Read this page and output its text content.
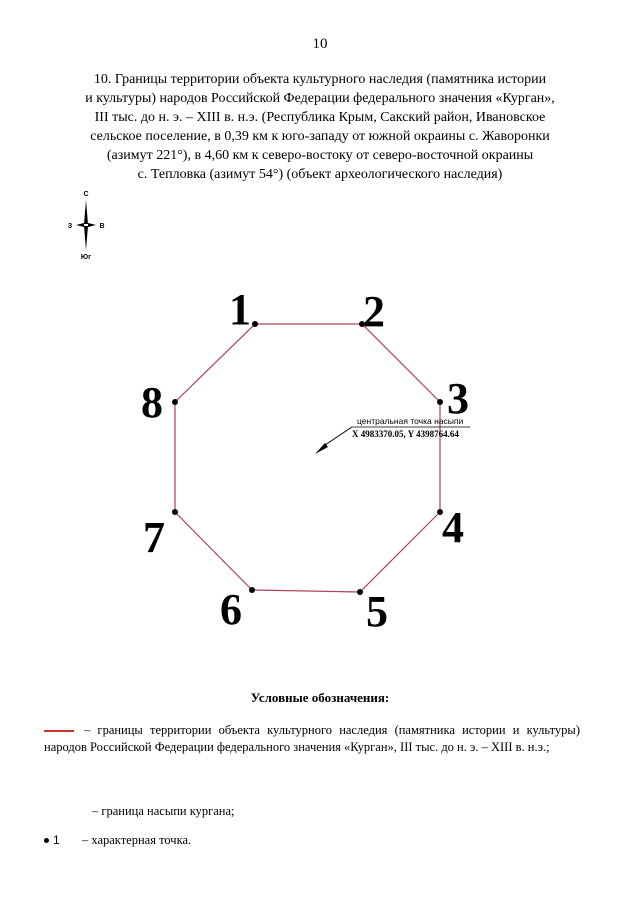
10
10. Границы территории объекта культурного наследия (памятника истории
и культуры) народов Российской Федерации федерального значения «Курган»,
III тыс. до н. э. – XIII в. н.э. (Республика Крым, Сакский район, Ивановское
сельское поселение, в 0,39 км к юго-западу от южной окраины с. Жаворонки
(азимут 221°), в 4,60 км к северо-востоку от северо-восточной окраины
с. Тепловка (азимут 54°) (объект археологического наследия)
С
З	В
Юг
1	2
3
4
5
6
7
8	центральная точка насыпи
X 4983370.05, Y 4398764.64
Условные обозначения:
– границы территории объекта культурного наследия (памятника истории и культуры) народов Российской Федерации федерального значения «Курган», III тыс. до н. э. – XIII в. н.э.;
– граница насыпи кургана;
1 – характерная точка.
